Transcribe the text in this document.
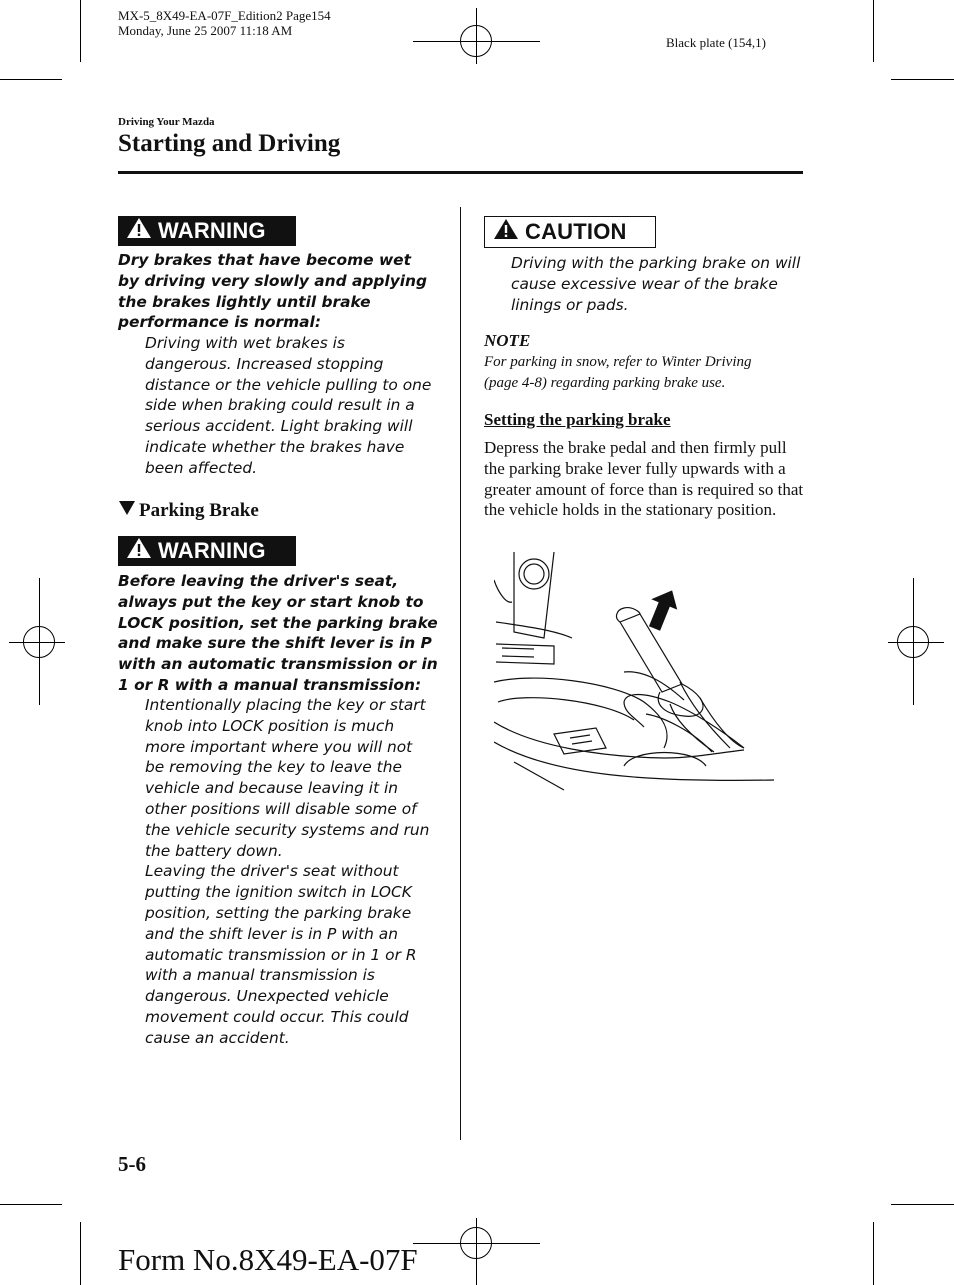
MX-5_8X49-EA-07F_Edition2 Page154
Monday, June 25 2007 11:18 AM
Black plate (154,1)
Driving Your Mazda
Starting and Driving
WARNING
Dry brakes that have become wet by driving very slowly and applying the brakes lightly until brake performance is normal:
Driving with wet brakes is dangerous. Increased stopping distance or the vehicle pulling to one side when braking could result in a serious accident. Light braking will indicate whether the brakes have been affected.
Parking Brake
WARNING
Before leaving the driver's seat, always put the key or start knob to LOCK position, set the parking brake and make sure the shift lever is in P with an automatic transmission or in 1 or R with a manual transmission:
Intentionally placing the key or start knob into LOCK position is much more important where you will not be removing the key to leave the vehicle and because leaving it in other positions will disable some of the vehicle security systems and run the battery down.
Leaving the driver's seat without putting the ignition switch in LOCK position, setting the parking brake and the shift lever is in P with an automatic transmission or in 1 or R with a manual transmission is dangerous. Unexpected vehicle movement could occur. This could cause an accident.
CAUTION
Driving with the parking brake on will cause excessive wear of the brake linings or pads.
NOTE
For parking in snow, refer to Winter Driving (page 4-8) regarding parking brake use.
Setting the parking brake
Depress the brake pedal and then firmly pull the parking brake lever fully upwards with a greater amount of force than is required so that the vehicle holds in the stationary position.
5-6
Form No.8X49-EA-07F
